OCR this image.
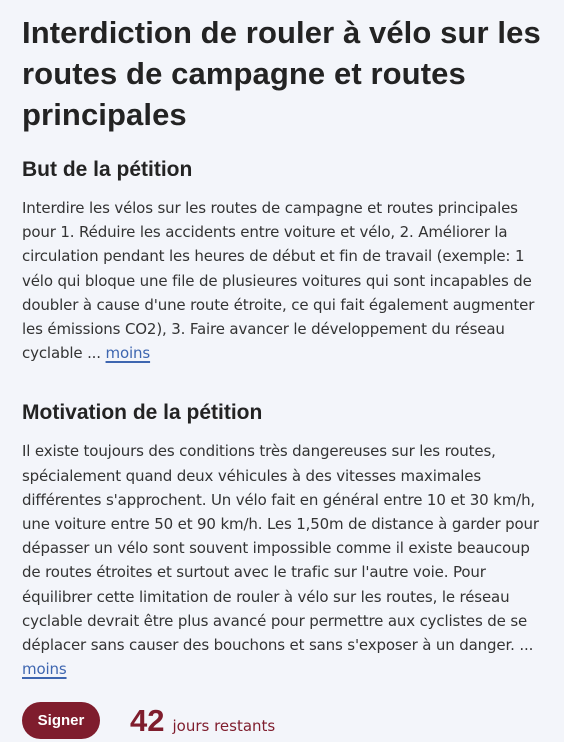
Interdiction de rouler à vélo sur les routes de campagne et routes principales
But de la pétition

Interdire les vélos sur les routes de campagne et routes principales pour 1. Réduire les accidents entre voiture et vélo, 2. Améliorer la circulation pendant les heures de début et fin de travail (exemple: 1 vélo qui bloque une file de plusieures voitures qui sont incapables de doubler à cause d'une route étroite, ce qui fait également augmenter les émissions CO2), 3. Faire avancer le développement du réseau cyclable ... moins

Motivation de la pétition

Il existe toujours des conditions très dangereuses sur les routes, spécialement quand deux véhicules à des vitesses maximales différentes s'approchent. Un vélo fait en général entre 10 et 30 km/h, une voiture entre 50 et 90 km/h. Les 1,50m de distance à garder pour dépasser un vélo sont souvent impossible comme il existe beaucoup de routes étroites et surtout avec le trafic sur l'autre voie. Pour équilibrer cette limitation de rouler à vélo sur les routes, le réseau cyclable devrait être plus avancé pour permettre aux cyclistes de se déplacer sans causer des bouchons et sans s'exposer à un danger. ... moins

Signer	42 jours restants
